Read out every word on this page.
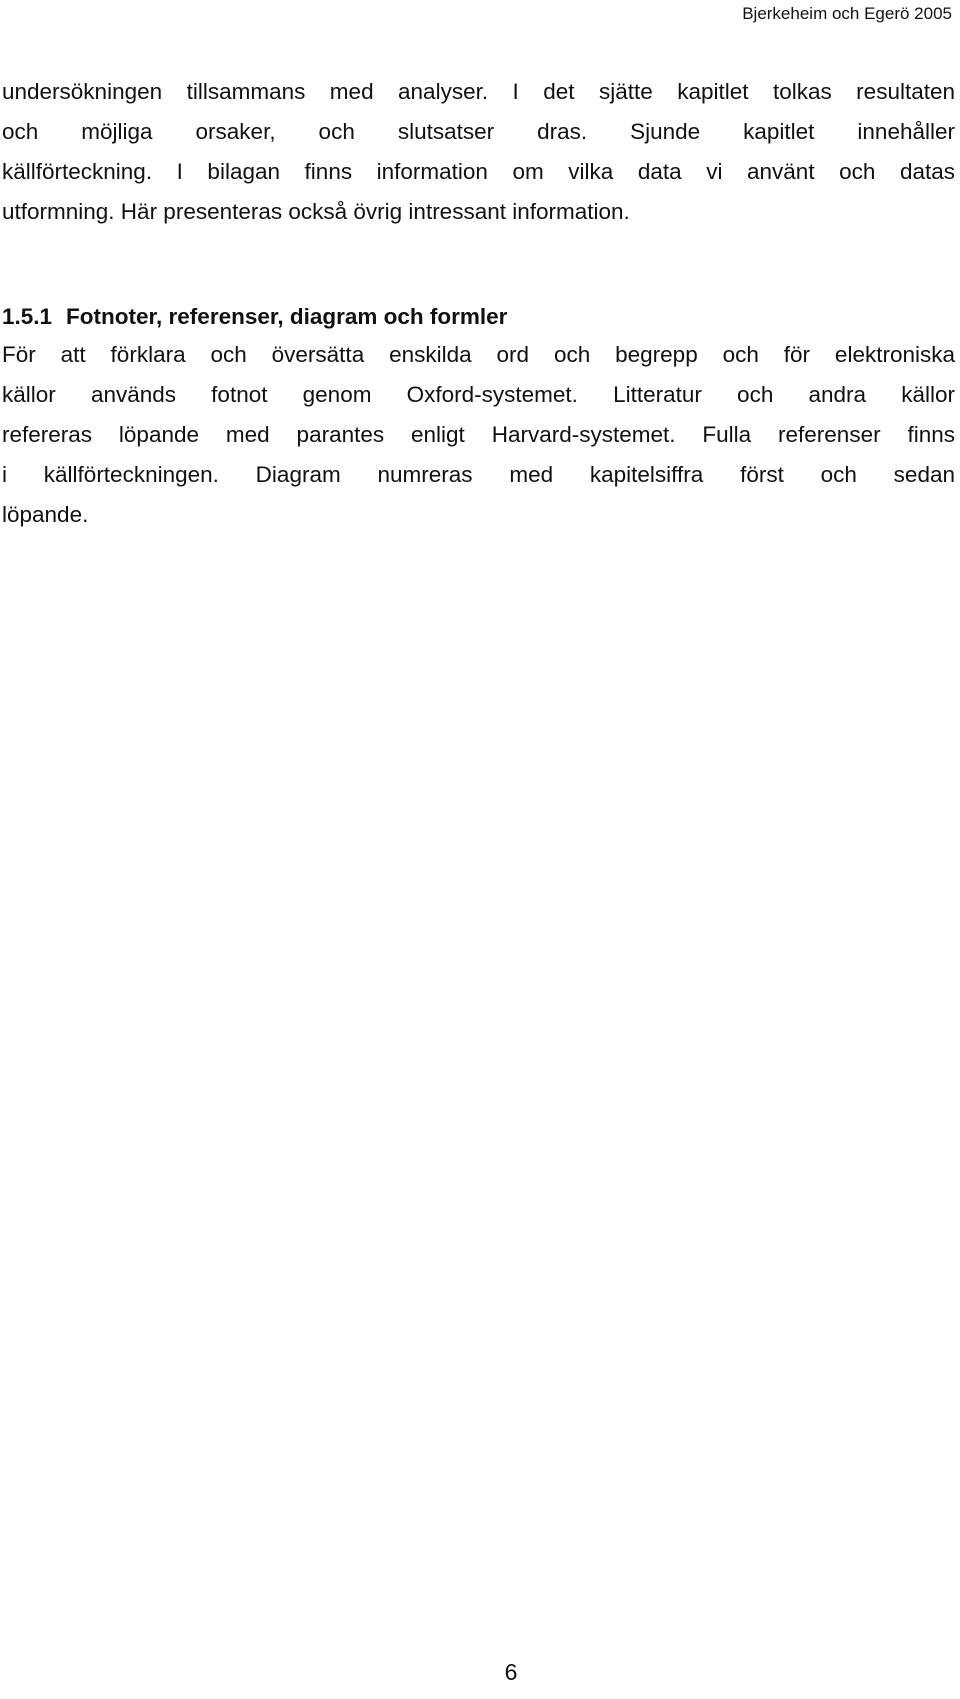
Bjerkeheim och Egerö 2005
undersökningen tillsammans med analyser. I det sjätte kapitlet tolkas resultaten
och möjliga orsaker, och slutsatser dras. Sjunde kapitlet innehåller
källförteckning. I bilagan finns information om vilka data vi använt och datas
utformning. Här presenteras också övrig intressant information.
1.5.1 Fotnoter, referenser, diagram och formler
För att förklara och översätta enskilda ord och begrepp och för elektroniska
källor används fotnot genom Oxford-systemet. Litteratur och andra källor
refereras löpande med parantes enligt Harvard-systemet. Fulla referenser finns
i källförteckningen. Diagram numreras med kapitelsiffra först och sedan
löpande.
6
